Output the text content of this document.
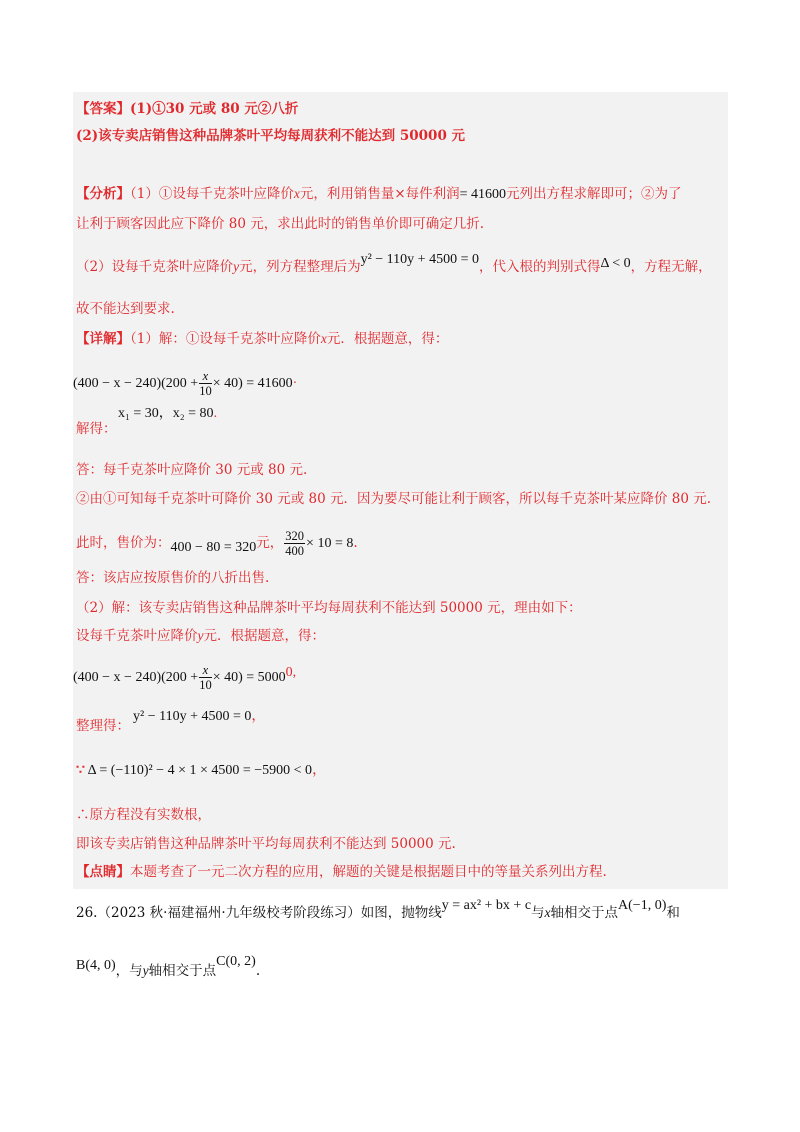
【答案】(1)①30 元或 80 元②八折
(2)该专卖店销售这种品牌茶叶平均每周获利不能达到 50000 元
【分析】（1）①设每千克茶叶应降价x元，利用销售量×每件利润= 41600元列出方程求解即可；②为了
让利于顾客因此应下降价 80 元，求出此时的销售单价即可确定几折.
（2）设每千克茶叶应降价y元，列方程整理后为y² − 110y + 4500 = 0，代入根的判别式得Δ < 0，方程无解，
故不能达到要求.
【详解】（1）解：①设每千克茶叶应降价x元．根据题意，得：
$(400 - x - 240)(200 + \frac{x}{10} \times 40) = 41600\cdot$
解得：
x₁ = 30，x₂ = 80.
答：每千克茶叶应降价 30 元或 80 元.
②由①可知每千克茶叶可降价 30 元或 80 元．因为要尽可能让利于顾客，所以每千克茶叶某应降价 80 元.
此时，售价为：400 − 80 = 320元， $\frac{320}{400} \times 10 = 8$.
答：该店应按原售价的八折出售.
（2）解：该专卖店销售这种品牌茶叶平均每周获利不能达到 50000 元，理由如下：
设每千克茶叶应降价y元．根据题意，得：
$(400 - x - 240)(200 + \frac{x}{10} \times 40) = 50000$,
整理得：
y² − 110y + 4500 = 0，
∵ Δ = (−110)² − 4 × 1 × 4500 = −5900 < 0，
∴原方程没有实数根，
即该专卖店销售这种品牌茶叶平均每周获利不能达到 50000 元.
【点睛】本题考查了一元二次方程的应用，解题的关键是根据题目中的等量关系列出方程.
26.（2023 秋·福建福州·九年级校考阶段练习）如图，抛物线y = ax² + bx + c与x轴相交于点A(−1, 0)和
B(4, 0)，与y轴相交于点C(0, 2).
